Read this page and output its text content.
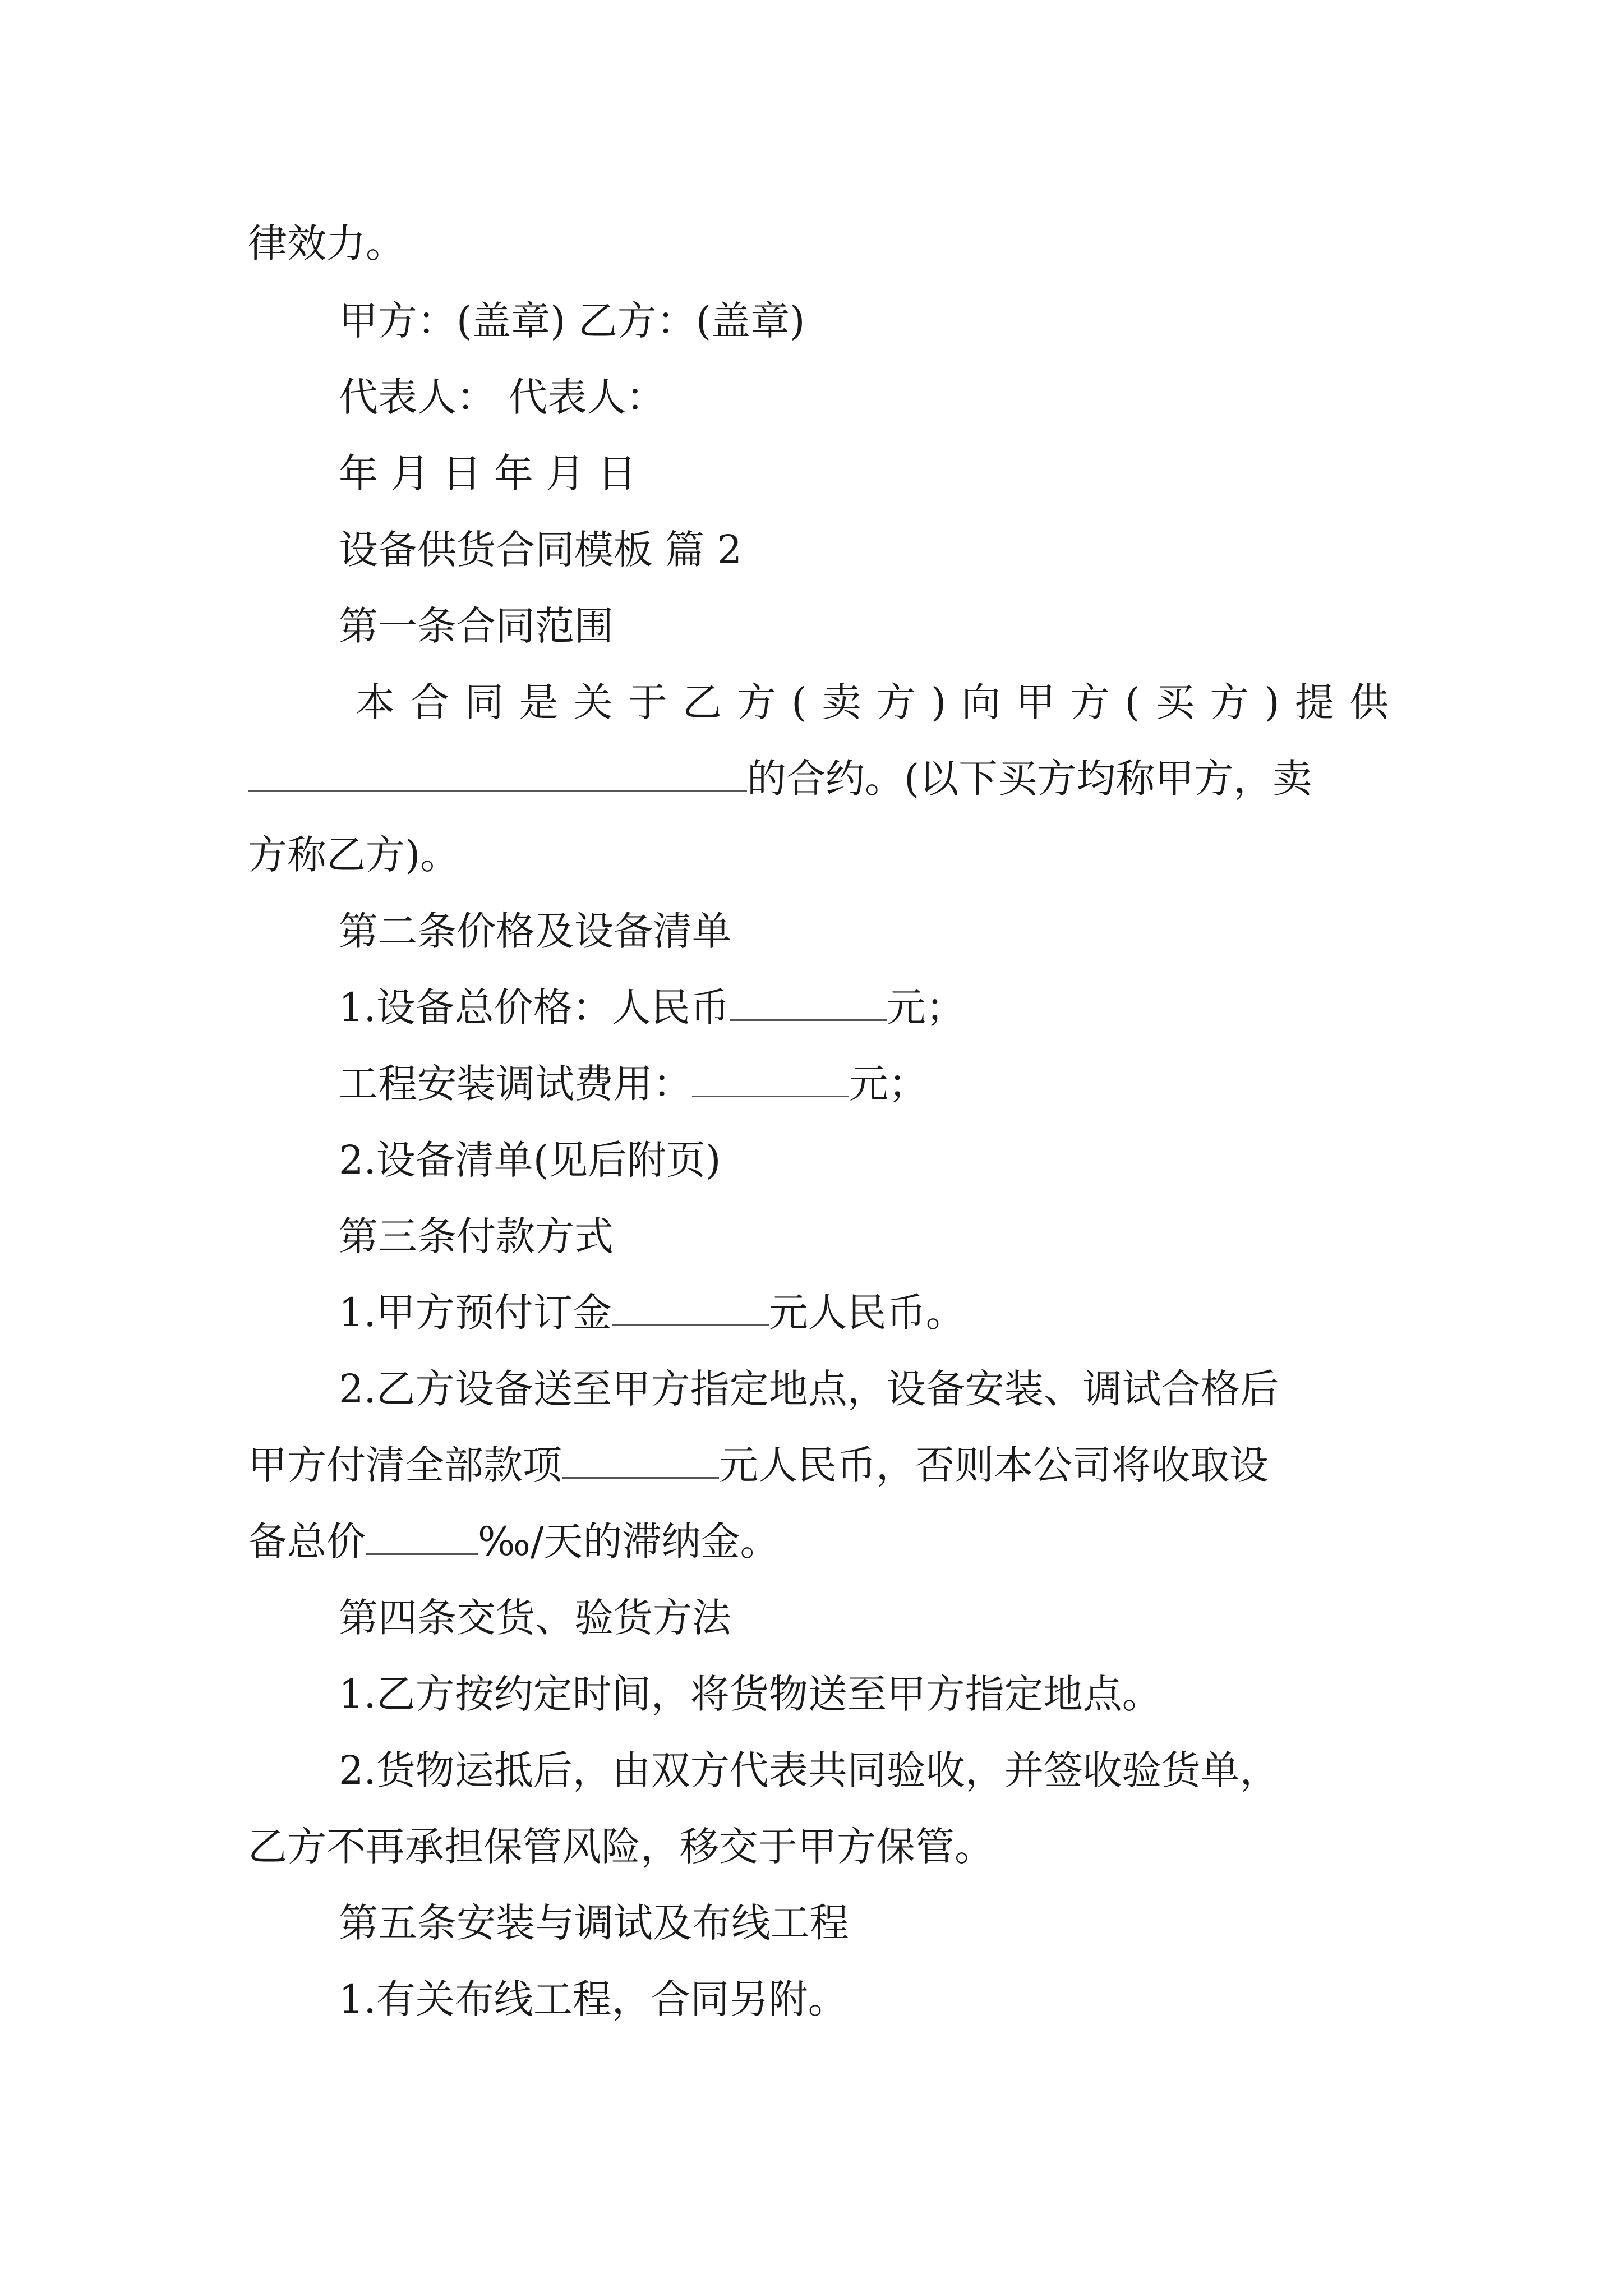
律效力。
甲方：(盖章) 乙方：(盖章)
代表人： 代表人：
年 月 日 年 月 日
设备供货合同模板 篇 2
第一条合同范围
本合同是关于乙方(卖方)向甲方(买方)提供
的合约。(以下买方均称甲方，卖
方称乙方)。
第二条价格及设备清单
1.设备总价格：人民币	元；
工程安装调试费用：	元；
2.设备清单(见后附页)
第三条付款方式
1.甲方预付订金	元人民币。
2.乙方设备送至甲方指定地点，设备安装、调试合格后
甲方付清全部款项	元人民币，否则本公司将收取设
备总价	‰/天的滞纳金。
第四条交货、验货方法
1.乙方按约定时间，将货物送至甲方指定地点。
2.货物运抵后，由双方代表共同验收，并签收验货单，
乙方不再承担保管风险，移交于甲方保管。
第五条安装与调试及布线工程
1.有关布线工程，合同另附。
